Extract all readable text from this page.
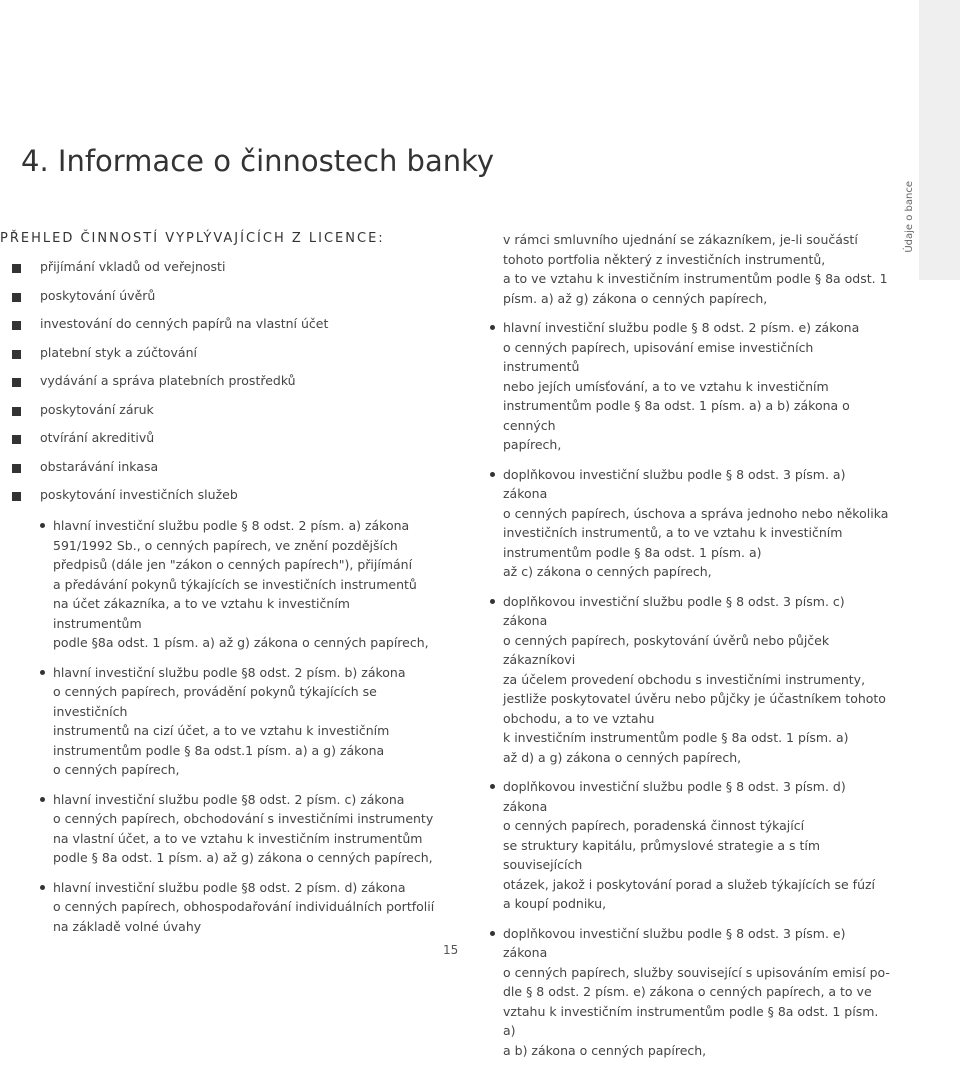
Údaje o bance
4. Informace o činnostech banky
PŘEHLED ČINNOSTÍ VYPLÝVAJÍCÍCH Z LICENCE:
přijímání vkladů od veřejnosti
poskytování úvěrů
investování do cenných papírů na vlastní účet
platební styk a zúčtování
vydávání a správa platebních prostředků
poskytování záruk
otvírání akreditivů
obstarávání inkasa
poskytování investičních služeb
hlavní investiční službu podle § 8 odst. 2 písm. a) zákona
591/1992 Sb., o cenných papírech, ve znění pozdějších
předpisů (dále jen "zákon o cenných papírech"), přijímání
a předávání pokynů týkajících se investičních instrumentů
na účet zákazníka, a to ve vztahu k investičním instrumentům
podle §8a odst. 1 písm. a) až g) zákona o cenných papírech,
hlavní investiční službu podle §8 odst. 2 písm. b) zákona
o cenných papírech, provádění pokynů týkajících se investičních
instrumentů na cizí účet, a to ve vztahu k investičním
instrumentům podle § 8a odst.1 písm. a) a g) zákona
o cenných papírech,
hlavní investiční službu podle §8 odst. 2 písm. c) zákona
o cenných papírech, obchodování s investičními instrumenty
na vlastní účet, a to ve vztahu k investičním instrumentům
podle § 8a odst. 1 písm. a) až g) zákona o cenných papírech,
hlavní investiční službu podle §8 odst. 2 písm. d) zákona
o cenných papírech, obhospodařování individuálních portfolií
na základě volné úvahy
v rámci smluvního ujednání se zákazníkem, je-li součástí
tohoto portfolia některý z investičních instrumentů,
a to ve vztahu k investičním instrumentům podle § 8a odst. 1
písm. a) až g) zákona o cenných papírech,
hlavní investiční službu podle § 8 odst. 2 písm. e) zákona
o cenných papírech, upisování emise investičních instrumentů
nebo jejích umísťování, a to ve vztahu k investičním
instrumentům podle § 8a odst. 1 písm. a) a b) zákona o cenných
papírech,
doplňkovou investiční službu podle § 8 odst. 3 písm. a) zákona
o cenných papírech, úschova a správa jednoho nebo několika
investičních instrumentů, a to ve vztahu k investičním
instrumentům podle § 8a odst. 1 písm. a)
až c) zákona o cenných papírech,
doplňkovou investiční službu podle § 8 odst. 3 písm. c) zákona
o cenných papírech, poskytování úvěrů nebo půjček zákazníkovi
za účelem provedení obchodu s investičními instrumenty,
jestliže poskytovatel úvěru nebo půjčky je účastníkem tohoto
obchodu, a to ve vztahu
k investičním instrumentům podle § 8a odst. 1 písm. a)
až d) a g) zákona o cenných papírech,
doplňkovou investiční službu podle § 8 odst. 3 písm. d) zákona
o cenných papírech, poradenská činnost týkající
se struktury kapitálu, průmyslové strategie a s tím souvisejících
otázek, jakož i poskytování porad a služeb týkajících se fúzí
a koupí podniku,
doplňkovou investiční službu podle § 8 odst. 3 písm. e) zákona
o cenných papírech, služby související s upisováním emisí po-
dle § 8 odst. 2 písm. e) zákona o cenných papírech, a to ve
vztahu k investičním instrumentům podle § 8a odst. 1 písm. a)
a b) zákona o cenných papírech,
15
